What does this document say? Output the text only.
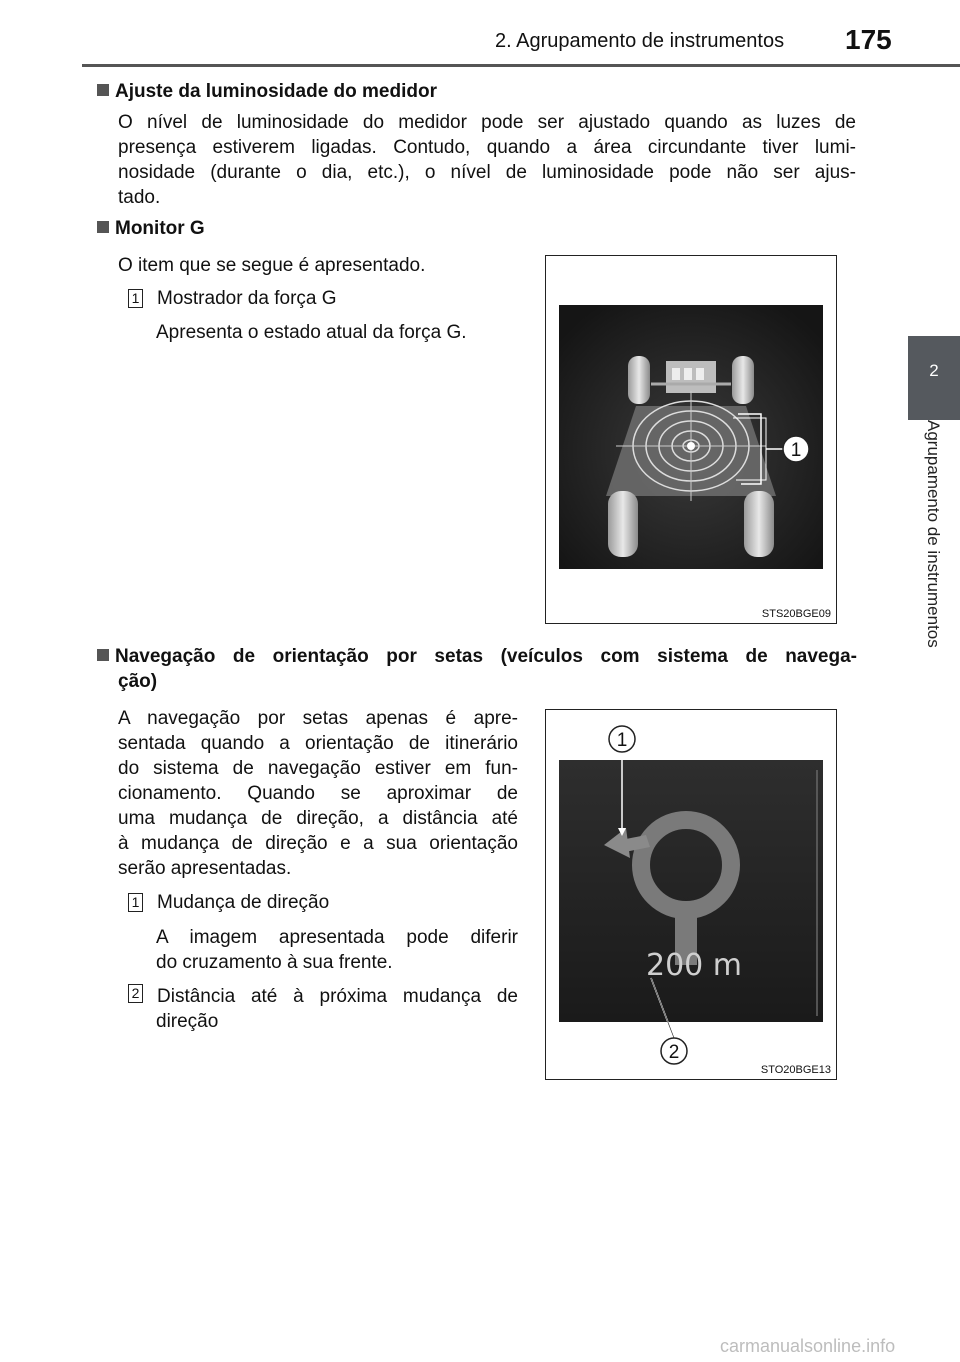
2. Agrupamento de instrumentos 175
2
Agrupamento de instrumentos
Ajuste da luminosidade do medidor
O nível de luminosidade do medidor pode ser ajustado quando as luzes de
presença estiverem ligadas. Contudo, quando a área circundante tiver lumi-
nosidade (durante o dia, etc.), o nível de luminosidade pode não ser ajus-
tado.
Monitor G
O item que se segue é apresentado.
1 Mostrador da força G
Apresenta o estado atual da força G.
1
STS20BGE09
Navegação de orientação por setas (veículos com sistema de navega-
ção)
A navegação por setas apenas é apre-
sentada quando a orientação de itinerário
do sistema de navegação estiver em fun-
cionamento. Quando se aproximar de
uma mudança de direção, a distância até
à mudança de direção e a sua orientação
serão apresentadas.
1 Mudança de direção
A imagem apresentada pode diferir
do cruzamento à sua frente.
2 Distância até à próxima mudança de
direção
200 m
1
2
STO20BGE13
carmanualsonline.info
